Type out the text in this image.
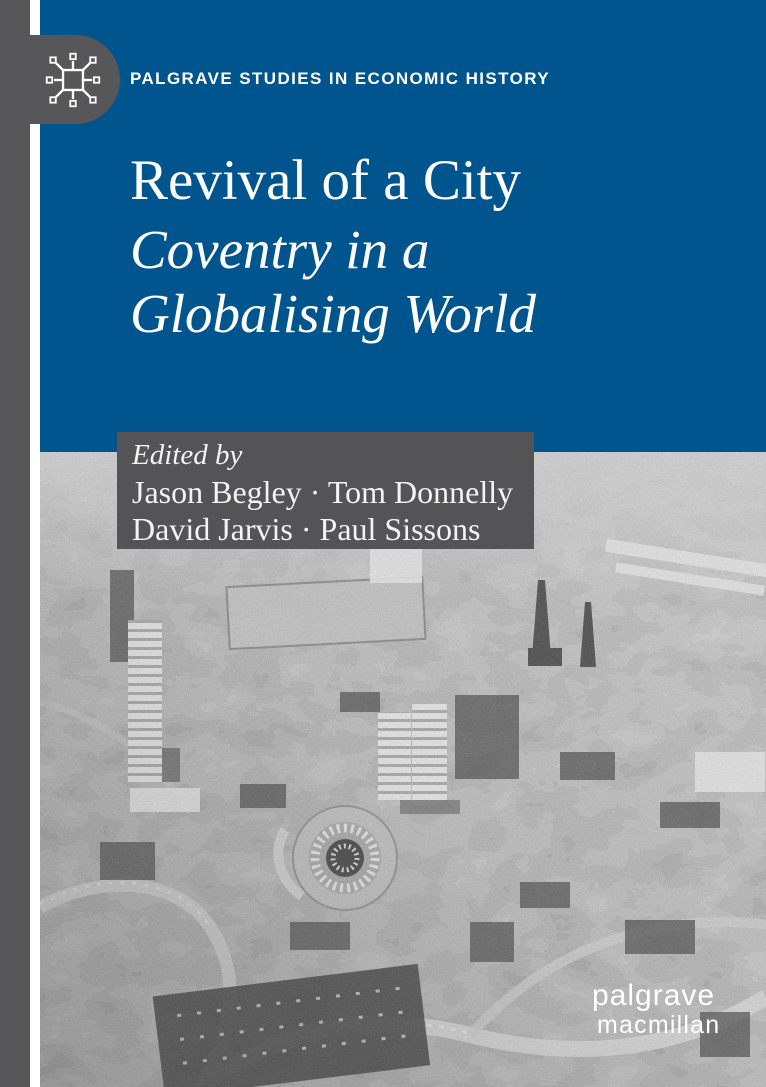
PALGRAVE STUDIES IN ECONOMIC HISTORY
Revival of a City
Coventry in a
Globalising World
Edited by
Jason Begley · Tom Donnelly
David Jarvis · Paul Sissons
palgrave
macmillan
